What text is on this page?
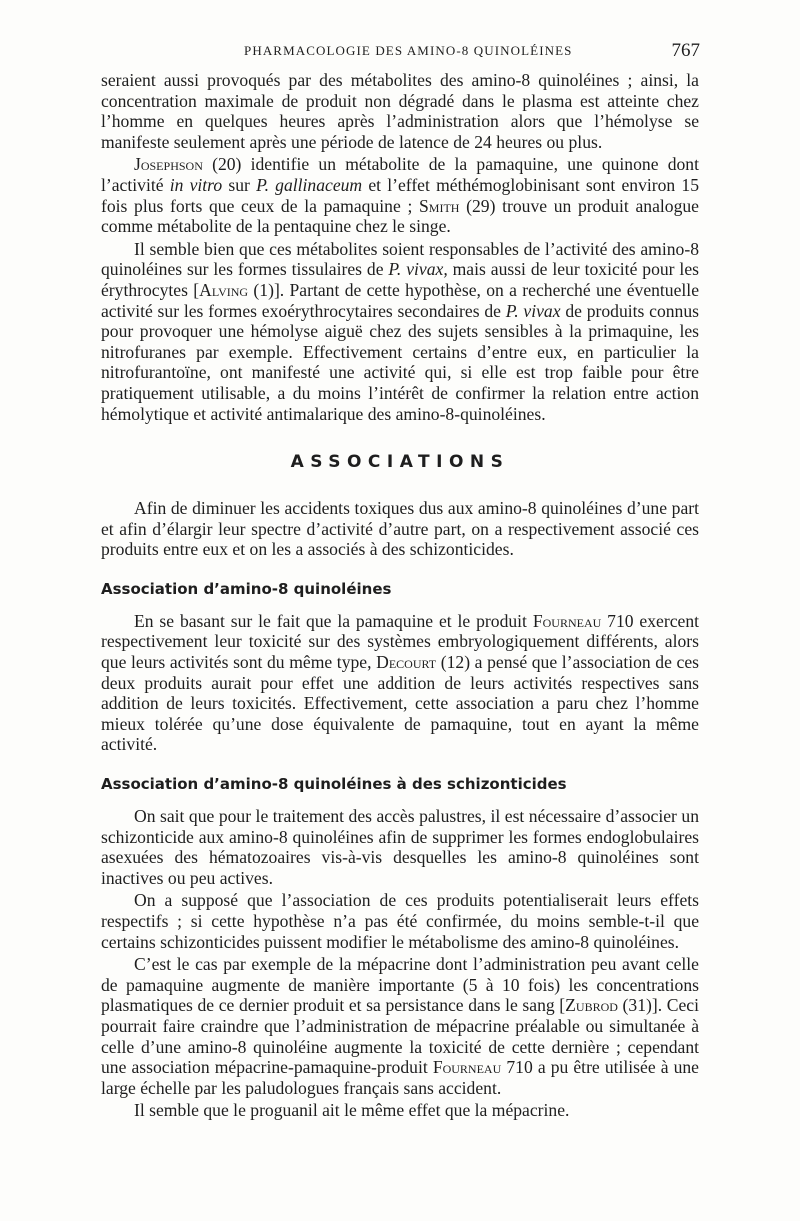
PHARMACOLOGIE DES AMINO-8 QUINOLÉINES	767

seraient aussi provoqués par des métabolites des amino-8 quinoléines ; ainsi, la concentration maximale de produit non dégradé dans le plasma est atteinte chez l’homme en quelques heures après l’administration alors que l’hémolyse se manifeste seulement après une période de latence de 24 heures ou plus.

Josephson (20) identifie un métabolite de la pamaquine, une quinone dont l’activité in vitro sur P. gallinaceum et l’effet méthémoglobinisant sont environ 15 fois plus forts que ceux de la pamaquine ; Smith (29) trouve un produit analogue comme métabolite de la pentaquine chez le singe.

Il semble bien que ces métabolites soient responsables de l’activité des amino-8 quinoléines sur les formes tissulaires de P. vivax, mais aussi de leur toxicité pour les érythrocytes [Alving (1)]. Partant de cette hypothèse, on a recherché une éventuelle activité sur les formes exoérythrocytaires secondaires de P. vivax de produits connus pour provoquer une hémolyse aiguë chez des sujets sensibles à la primaquine, les nitrofuranes par exemple. Effectivement certains d’entre eux, en particulier la nitrofurantoïne, ont manifesté une activité qui, si elle est trop faible pour être pratiquement utilisable, a du moins l’intérêt de confirmer la relation entre action hémolytique et activité antimalarique des amino-8-quinoléines.

ASSOCIATIONS

Afin de diminuer les accidents toxiques dus aux amino-8 quinoléines d’une part et afin d’élargir leur spectre d’activité d’autre part, on a respectivement associé ces produits entre eux et on les a associés à des schizonticides.

Association d’amino-8 quinoléines

En se basant sur le fait que la pamaquine et le produit Fourneau 710 exercent respectivement leur toxicité sur des systèmes embryologiquement différents, alors que leurs activités sont du même type, Decourt (12) a pensé que l’association de ces deux produits aurait pour effet une addition de leurs activités respectives sans addition de leurs toxicités. Effectivement, cette association a paru chez l’homme mieux tolérée qu’une dose équivalente de pamaquine, tout en ayant la même activité.

Association d’amino-8 quinoléines à des schizonticides

On sait que pour le traitement des accès palustres, il est nécessaire d’associer un schizonticide aux amino-8 quinoléines afin de supprimer les formes endoglobulaires asexuées des hématozoaires vis-à-vis desquelles les amino-8 quinoléines sont inactives ou peu actives.

On a supposé que l’association de ces produits potentialiserait leurs effets respectifs ; si cette hypothèse n’a pas été confirmée, du moins semble-t-il que certains schizonticides puissent modifier le métabolisme des amino-8 quinoléines.

C’est le cas par exemple de la mépacrine dont l’administration peu avant celle de pamaquine augmente de manière importante (5 à 10 fois) les concentrations plasmatiques de ce dernier produit et sa persistance dans le sang [Zubrod (31)]. Ceci pourrait faire craindre que l’administration de mépacrine préalable ou simultanée à celle d’une amino-8 quinoléine augmente la toxicité de cette dernière ; cependant une association mépacrine-pamaquine-produit Fourneau 710 a pu être utilisée à une large échelle par les paludologues français sans accident.

Il semble que le proguanil ait le même effet que la mépacrine.
